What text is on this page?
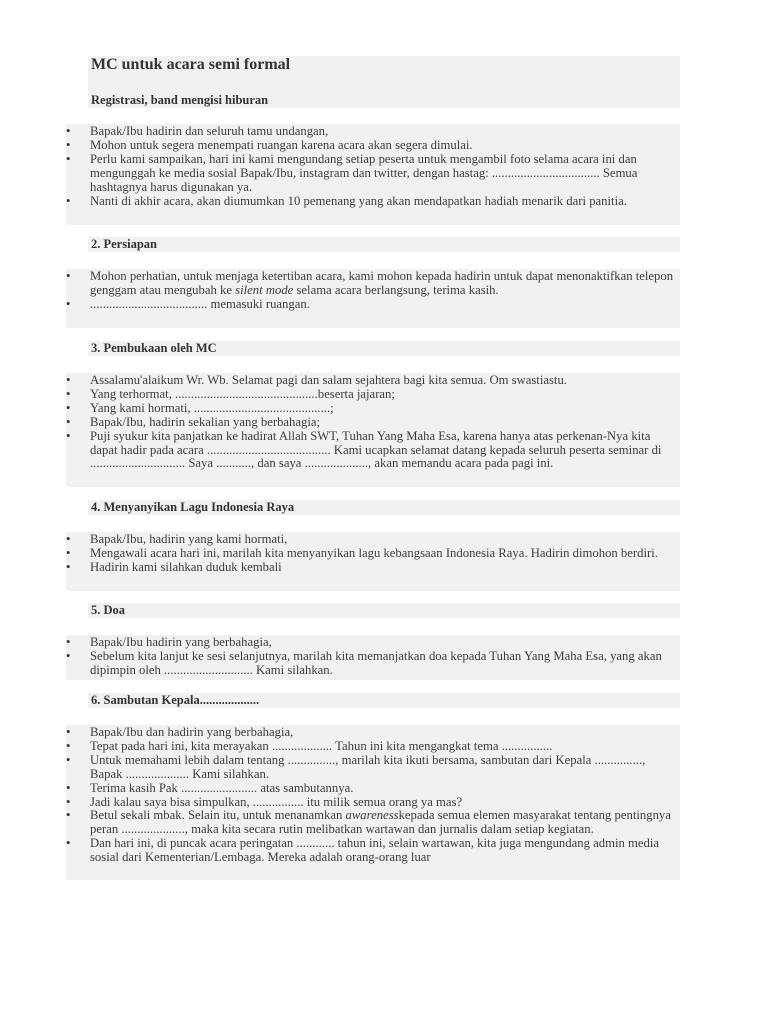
MC untuk acara semi formal
Registrasi, band mengisi hiburan
• Bapak/Ibu hadirin dan seluruh tamu undangan,
• Mohon untuk segera menempati ruangan karena acara akan segera dimulai.
• Perlu kami sampaikan, hari ini kami mengundang setiap peserta untuk mengambil foto selama acara ini dan mengunggah ke media sosial Bapak/Ibu, instagram dan twitter, dengan hastag: .................................. Semua hashtagnya harus digunakan ya.
• Nanti di akhir acara, akan diumumkan 10 pemenang yang akan mendapatkan hadiah menarik dari panitia.
2. Persiapan
• Mohon perhatian, untuk menjaga ketertiban acara, kami mohon kepada hadirin untuk dapat menonaktifkan telepon genggam atau mengubah ke silent mode selama acara berlangsung, terima kasih.
• ..................................... memasuki ruangan.
3. Pembukaan oleh MC
• Assalamu'alaikum Wr. Wb. Selamat pagi dan salam sejahtera bagi kita semua. Om swastiastu.
• Yang terhormat, .............................................beserta jajaran;
• Yang kami hormati, ...........................................;
• Bapak/Ibu, hadirin sekalian yang berbahagia;
• Puji syukur kita panjatkan ke hadirat Allah SWT, Tuhan Yang Maha Esa, karena hanya atas perkenan-Nya kita dapat hadir pada acara ....................................... Kami ucapkan selamat datang kepada seluruh peserta seminar di .............................. Saya ..........., dan saya ...................., akan memandu acara pada pagi ini.
4. Menyanyikan Lagu Indonesia Raya
• Bapak/Ibu, hadirin yang kami hormati,
• Mengawali acara hari ini, marilah kita menyanyikan lagu kebangsaan Indonesia Raya. Hadirin dimohon berdiri.
• Hadirin kami silahkan duduk kembali
5. Doa
• Bapak/Ibu hadirin yang berbahagia,
• Sebelum kita lanjut ke sesi selanjutnya, marilah kita memanjatkan doa kepada Tuhan Yang Maha Esa, yang akan dipimpin oleh ............................ Kami silahkan.
6. Sambutan Kepala...................
• Bapak/Ibu dan hadirin yang berbahagia,
• Tepat pada hari ini, kita merayakan ................... Tahun ini kita mengangkat tema ................
• Untuk memahami lebih dalam tentang ..............., marilah kita ikuti bersama, sambutan dari Kepala ..............., Bapak .................... Kami silahkan.
• Terima kasih Pak ........................ atas sambutannya.
• Jadi kalau saya bisa simpulkan, ................ itu milik semua orang ya mas?
• Betul sekali mbak. Selain itu, untuk menanamkan awarenesskepada semua elemen masyarakat tentang pentingnya peran ...................., maka kita secara rutin melibatkan wartawan dan jurnalis dalam setiap kegiatan.
• Dan hari ini, di puncak acara peringatan ............ tahun ini, selain wartawan, kita juga mengundang admin media sosial dari Kementerian/Lembaga. Mereka adalah orang-orang luar
